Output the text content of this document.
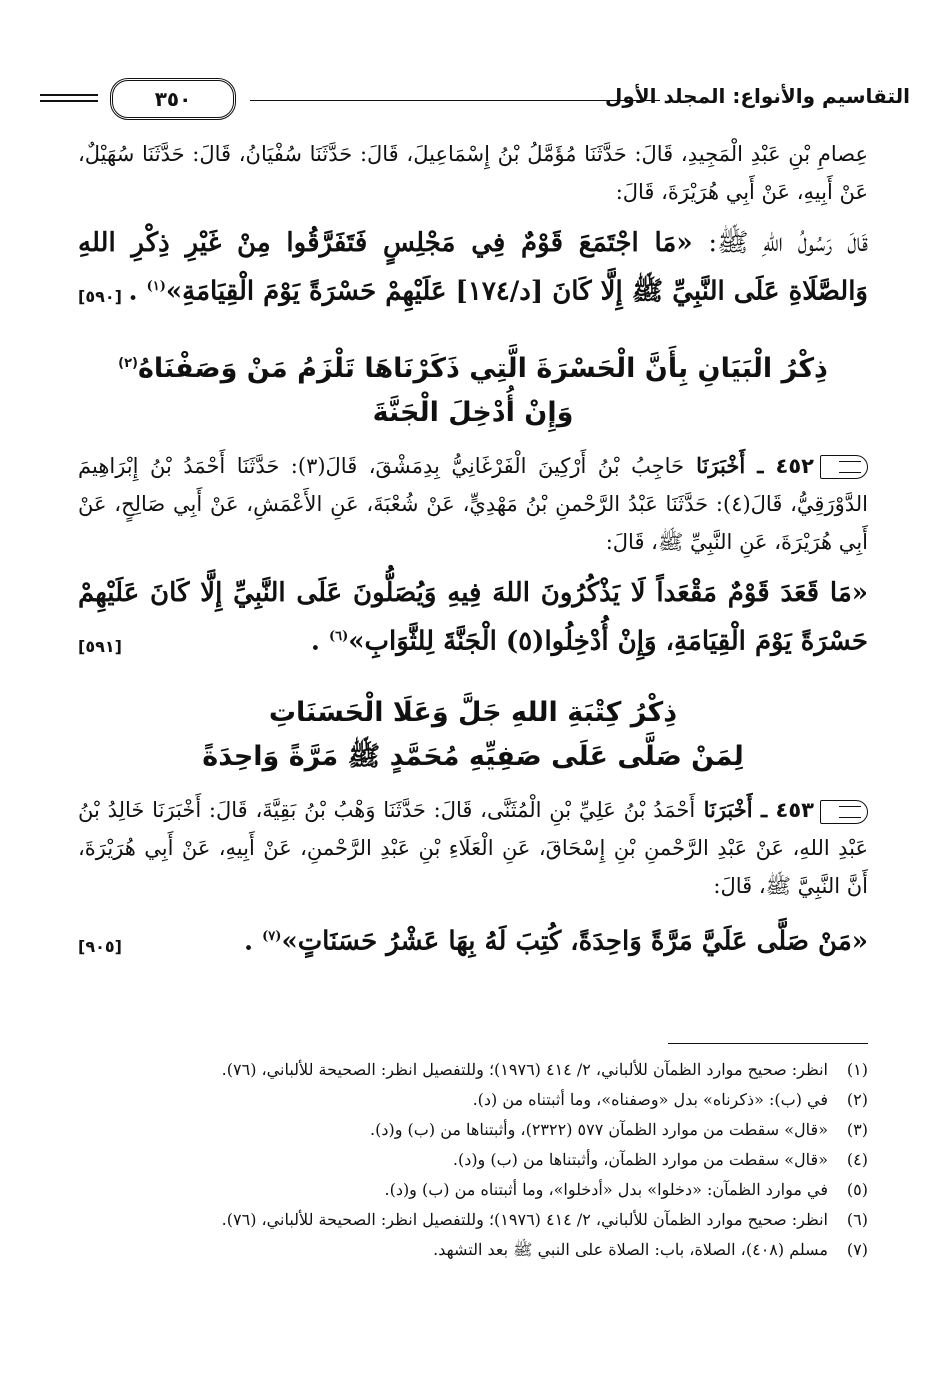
التقاسيم والأنواع: المجلد الأول
٣٥٠

عِصامِ بْنِ عَبْدِ الْمَجِيدِ، قَالَ: حَدَّثَنَا مُؤَمَّلُ بْنُ إِسْمَاعِيلَ، قَالَ: حَدَّثَنَا سُفْيَانُ، قَالَ: حَدَّثَنَا سُهَيْلٌ، عَنْ أَبِيهِ، عَنْ أَبِي هُرَيْرَةَ، قَالَ:

قَالَ رَسُولُ اللهِ ﷺ: «مَا اجْتَمَعَ قَوْمٌ فِي مَجْلِسٍ فَتَفَرَّقُوا مِنْ غَيْرِ ذِكْرِ اللهِ وَالصَّلَاةِ عَلَى النَّبِيِّ ﷺ إِلَّا كَانَ [د/١٧٤] عَلَيْهِمْ حَسْرَةً يَوْمَ الْقِيَامَةِ»$^{(١)}$ .
[٥٩٠]

ذِكْرُ الْبَيَانِ بِأَنَّ الْحَسْرَةَ الَّتِي ذَكَرْنَاهَا تَلْزَمُ مَنْ وَصَفْنَاهُ$^{(٢)}$
وَإِنْ أُدْخِلَ الْجَنَّةَ

٤٥٢ ـ أَخْبَرَنَا حَاجِبُ بْنُ أَرْكِينَ الْفَرْغَانِيُّ بِدِمَشْقَ، قَالَ(٣): حَدَّثَنَا أَحْمَدُ بْنُ إِبْرَاهِيمَ الدَّوْرَقِيُّ، قَالَ(٤): حَدَّثَنَا عَبْدُ الرَّحْمنِ بْنُ مَهْدِيٍّ، عَنْ شُعْبَةَ، عَنِ الأَعْمَشِ، عَنْ أَبِي صَالِحٍ، عَنْ أَبِي هُرَيْرَةَ، عَنِ النَّبِيِّ ﷺ، قَالَ:

«مَا قَعَدَ قَوْمٌ مَقْعَداً لَا يَذْكُرُونَ اللهَ فِيهِ وَيُصَلُّونَ عَلَى النَّبِيِّ إِلَّا كَانَ عَلَيْهِمْ حَسْرَةً يَوْمَ الْقِيَامَةِ، وَإِنْ أُدْخِلُوا(٥) الْجَنَّةَ لِلثَّوَابِ»$^{(٦)}$ .
[٥٩١]

ذِكْرُ كِتْبَةِ اللهِ جَلَّ وَعَلَا الْحَسَنَاتِ
لِمَنْ صَلَّى عَلَى صَفِيِّهِ مُحَمَّدٍ ﷺ مَرَّةً وَاحِدَةً

٤٥٣ ـ أَخْبَرَنَا أَحْمَدُ بْنُ عَلِيِّ بْنِ الْمُثَنَّى، قَالَ: حَدَّثَنَا وَهْبُ بْنُ بَقِيَّةَ، قَالَ: أَخْبَرَنَا خَالِدُ بْنُ عَبْدِ اللهِ، عَنْ عَبْدِ الرَّحْمنِ بْنِ إِسْحَاقَ، عَنِ الْعَلَاءِ بْنِ عَبْدِ الرَّحْمنِ، عَنْ أَبِيهِ، عَنْ أَبِي هُرَيْرَةَ، أَنَّ النَّبِيَّ ﷺ، قَالَ:

«مَنْ صَلَّى عَلَيَّ مَرَّةً وَاحِدَةً، كُتِبَ لَهُ بِهَا عَشْرُ حَسَنَاتٍ»$^{(٧)}$ .
[٩٠٥]

(١)
انظر: صحيح موارد الظمآن للألباني، ٢/ ٤١٤ (١٩٧٦)؛ وللتفصيل انظر: الصحيحة للألباني، (٧٦).
(٢)
في (ب): «ذكرناه» بدل «وصفناه»، وما أثبتناه من (د).
(٣)
«قال» سقطت من موارد الظمآن ٥٧٧ (٢٣٢٢)، وأثبتناها من (ب) و(د).
(٤)
«قال» سقطت من موارد الظمآن، وأثبتناها من (ب) و(د).
(٥)
في موارد الظمآن: «دخلوا» بدل «أدخلوا»، وما أثبتناه من (ب) و(د).
(٦)
انظر: صحيح موارد الظمآن للألباني، ٢/ ٤١٤ (١٩٧٦)؛ وللتفصيل انظر: الصحيحة للألباني، (٧٦).
(٧)
مسلم (٤٠٨)، الصلاة، باب: الصلاة على النبي ﷺ بعد التشهد.
